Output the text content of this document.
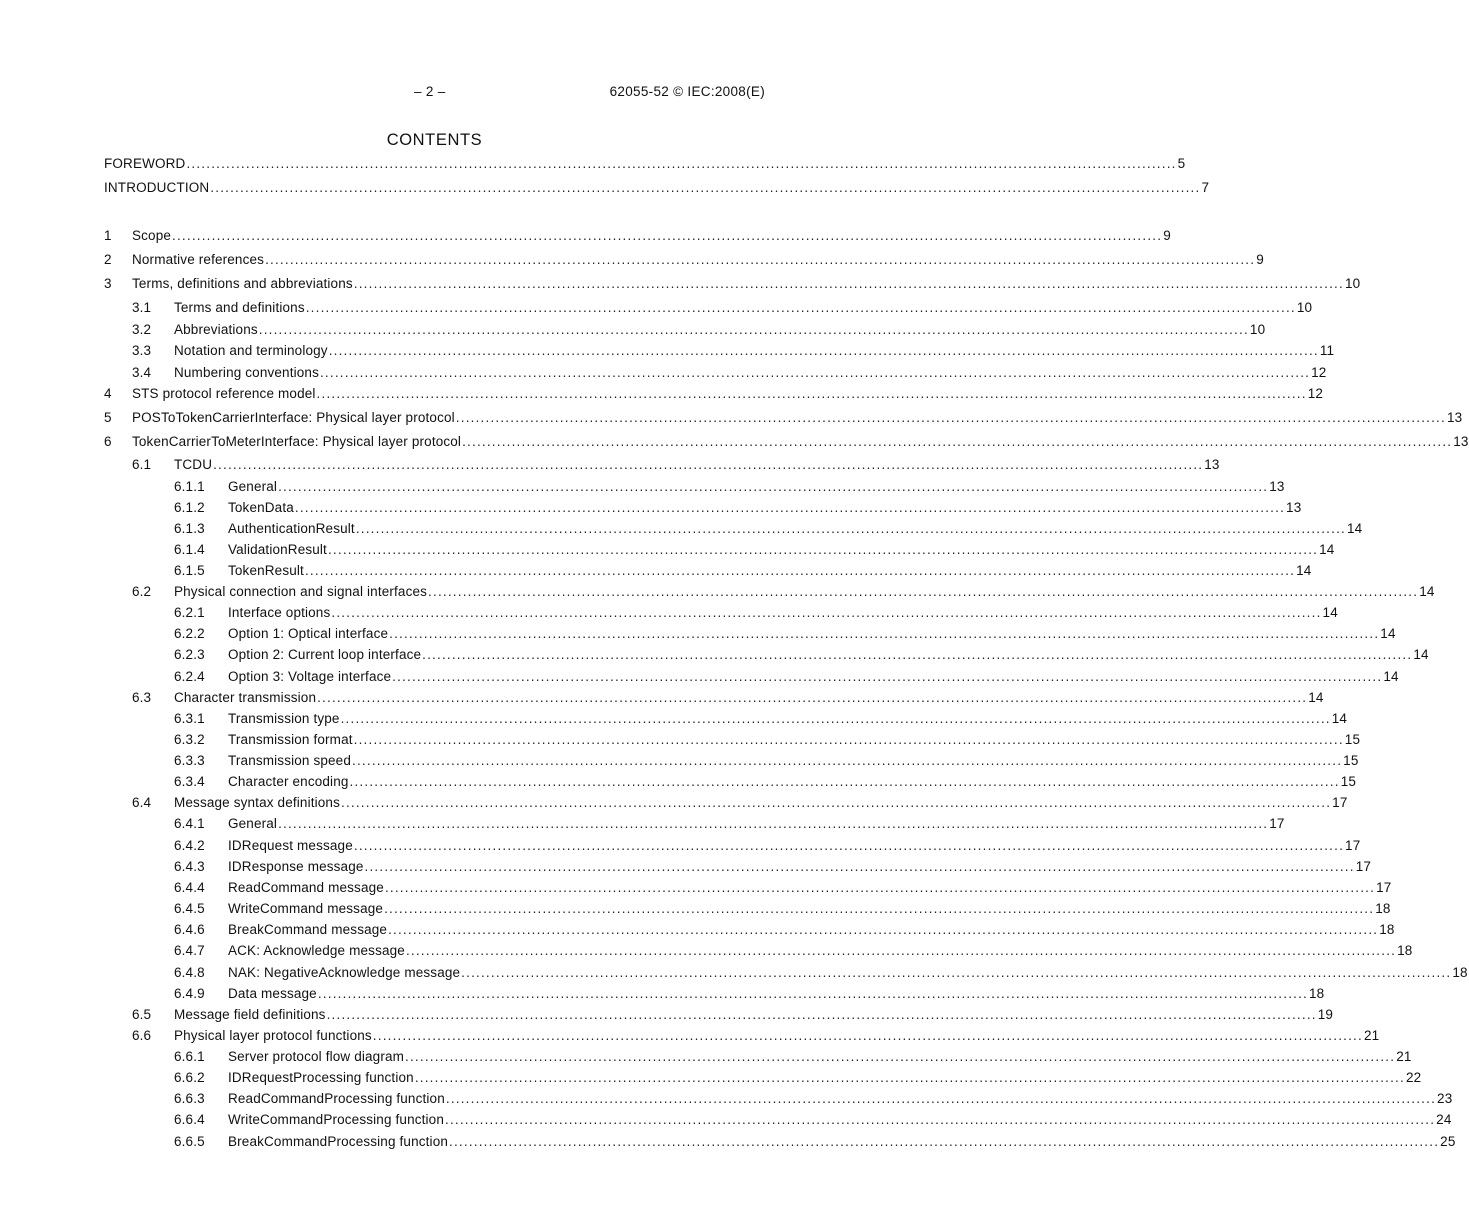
– 2 –	62055-52 © IEC:2008(E)
CONTENTS
FOREWORD ........................................................................................................................................................................................................ 5
INTRODUCTION ........................................................................................................................................................................................................ 7
1	Scope ........................................................................................................................................................................................................ 9
2	Normative references ........................................................................................................................................................................................................ 9
3	Terms, definitions and abbreviations ........................................................................................................................................................................................................ 10
3.1	Terms and definitions ........................................................................................................................................................................................................ 10
3.2	Abbreviations ........................................................................................................................................................................................................ 10
3.3	Notation and terminology ........................................................................................................................................................................................................ 11
3.4	Numbering conventions ........................................................................................................................................................................................................ 12
4	STS protocol reference model ........................................................................................................................................................................................................ 12
5	POSToTokenCarrierInterface: Physical layer protocol ........................................................................................................................................................................................................ 13
6	TokenCarrierToMeterInterface: Physical layer protocol ........................................................................................................................................................................................................ 13
6.1	TCDU ........................................................................................................................................................................................................ 13
6.1.1	General ........................................................................................................................................................................................................ 13
6.1.2	TokenData ........................................................................................................................................................................................................ 13
6.1.3	AuthenticationResult ........................................................................................................................................................................................................ 14
6.1.4	ValidationResult ........................................................................................................................................................................................................ 14
6.1.5	TokenResult ........................................................................................................................................................................................................ 14
6.2	Physical connection and signal interfaces ........................................................................................................................................................................................................ 14
6.2.1	Interface options ........................................................................................................................................................................................................ 14
6.2.2	Option 1: Optical interface ........................................................................................................................................................................................................ 14
6.2.3	Option 2: Current loop interface ........................................................................................................................................................................................................ 14
6.2.4	Option 3: Voltage interface ........................................................................................................................................................................................................ 14
6.3	Character transmission ........................................................................................................................................................................................................ 14
6.3.1	Transmission type ........................................................................................................................................................................................................ 14
6.3.2	Transmission format ........................................................................................................................................................................................................ 15
6.3.3	Transmission speed ........................................................................................................................................................................................................ 15
6.3.4	Character encoding ........................................................................................................................................................................................................ 15
6.4	Message syntax definitions ........................................................................................................................................................................................................ 17
6.4.1	General ........................................................................................................................................................................................................ 17
6.4.2	IDRequest message ........................................................................................................................................................................................................ 17
6.4.3	IDResponse message ........................................................................................................................................................................................................ 17
6.4.4	ReadCommand message ........................................................................................................................................................................................................ 17
6.4.5	WriteCommand message ........................................................................................................................................................................................................ 18
6.4.6	BreakCommand message ........................................................................................................................................................................................................ 18
6.4.7	ACK: Acknowledge message ........................................................................................................................................................................................................ 18
6.4.8	NAK: NegativeAcknowledge message ........................................................................................................................................................................................................ 18
6.4.9	Data message ........................................................................................................................................................................................................ 18
6.5	Message field definitions ........................................................................................................................................................................................................ 19
6.6	Physical layer protocol functions ........................................................................................................................................................................................................ 21
6.6.1	Server protocol flow diagram ........................................................................................................................................................................................................ 21
6.6.2	IDRequestProcessing function ........................................................................................................................................................................................................ 22
6.6.3	ReadCommandProcessing function ........................................................................................................................................................................................................ 23
6.6.4	WriteCommandProcessing function ........................................................................................................................................................................................................ 24
6.6.5	BreakCommandProcessing function ........................................................................................................................................................................................................ 25
